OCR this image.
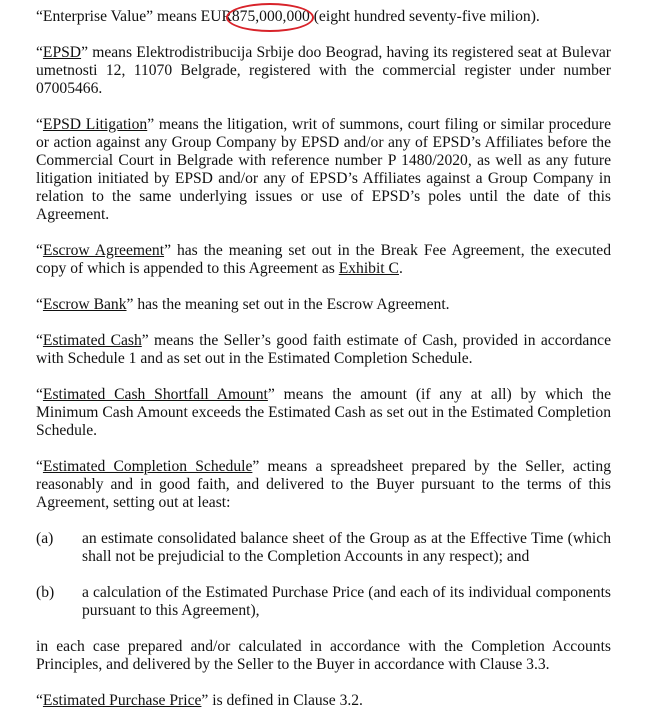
“Enterprise Value” means EUR875,000,000
(eight hundred seventy-five milion).

“EPSD” means Elektrodistribucija Srbije doo Beograd, having its registered seat at Bulevar umetnosti 12, 11070 Belgrade, registered with the commercial register under number 07005466.

“EPSD Litigation” means the litigation, writ of summons, court filing or similar procedure or action against any Group Company by EPSD and/or any of EPSD’s Affiliates before the Commercial Court in Belgrade with reference number P 1480/2020, as well as any future litigation initiated by EPSD and/or any of EPSD’s Affiliates against a Group Company in relation to the same underlying issues or use of EPSD’s poles until the date of this Agreement.

“Escrow Agreement” has the meaning set out in the Break Fee Agreement, the executed copy of which is appended to this Agreement as Exhibit C.

“Escrow Bank” has the meaning set out in the Escrow Agreement.

“Estimated Cash” means the Seller’s good faith estimate of Cash, provided in accordance with Schedule 1 and as set out in the Estimated Completion Schedule.

“Estimated Cash Shortfall Amount” means the amount (if any at all) by which the Minimum Cash Amount exceeds the Estimated Cash as set out in the Estimated Completion Schedule.

“Estimated Completion Schedule” means a spreadsheet prepared by the Seller, acting reasonably and in good faith, and delivered to the Buyer pursuant to the terms of this Agreement, setting out at least:

(a)	an estimate consolidated balance sheet of the Group as at the Effective Time (which shall not be prejudicial to the Completion Accounts in any respect); and
(b)	a calculation of the Estimated Purchase Price (and each of its individual components pursuant to this Agreement),

in each case prepared and/or calculated in accordance with the Completion Accounts Principles, and delivered by the Seller to the Buyer in accordance with Clause 3.3.

“Estimated Purchase Price” is defined in Clause 3.2.
